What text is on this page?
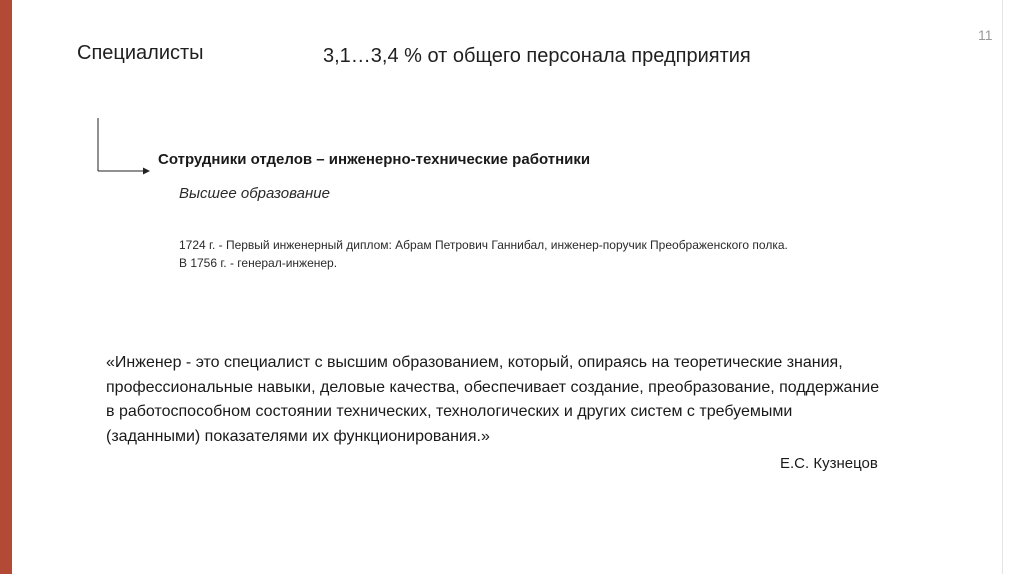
11
Специалисты	3,1…3,4 % от общего персонала предприятия
Сотрудники отделов – инженерно-технические работники
Высшее образование
1724 г. - Первый инженерный диплом: Абрам Петрович Ганнибал, инженер-поручик Преображенского полка.
В 1756 г. - генерал-инженер.
«Инженер - это специалист с высшим образованием, который, опираясь на теоретические знания,
профессиональные навыки, деловые качества, обеспечивает создание, преобразование, поддержание
в работоспособном состоянии технических, технологических и других систем с требуемыми
(заданными) показателями их функционирования.»
Е.С. Кузнецов
